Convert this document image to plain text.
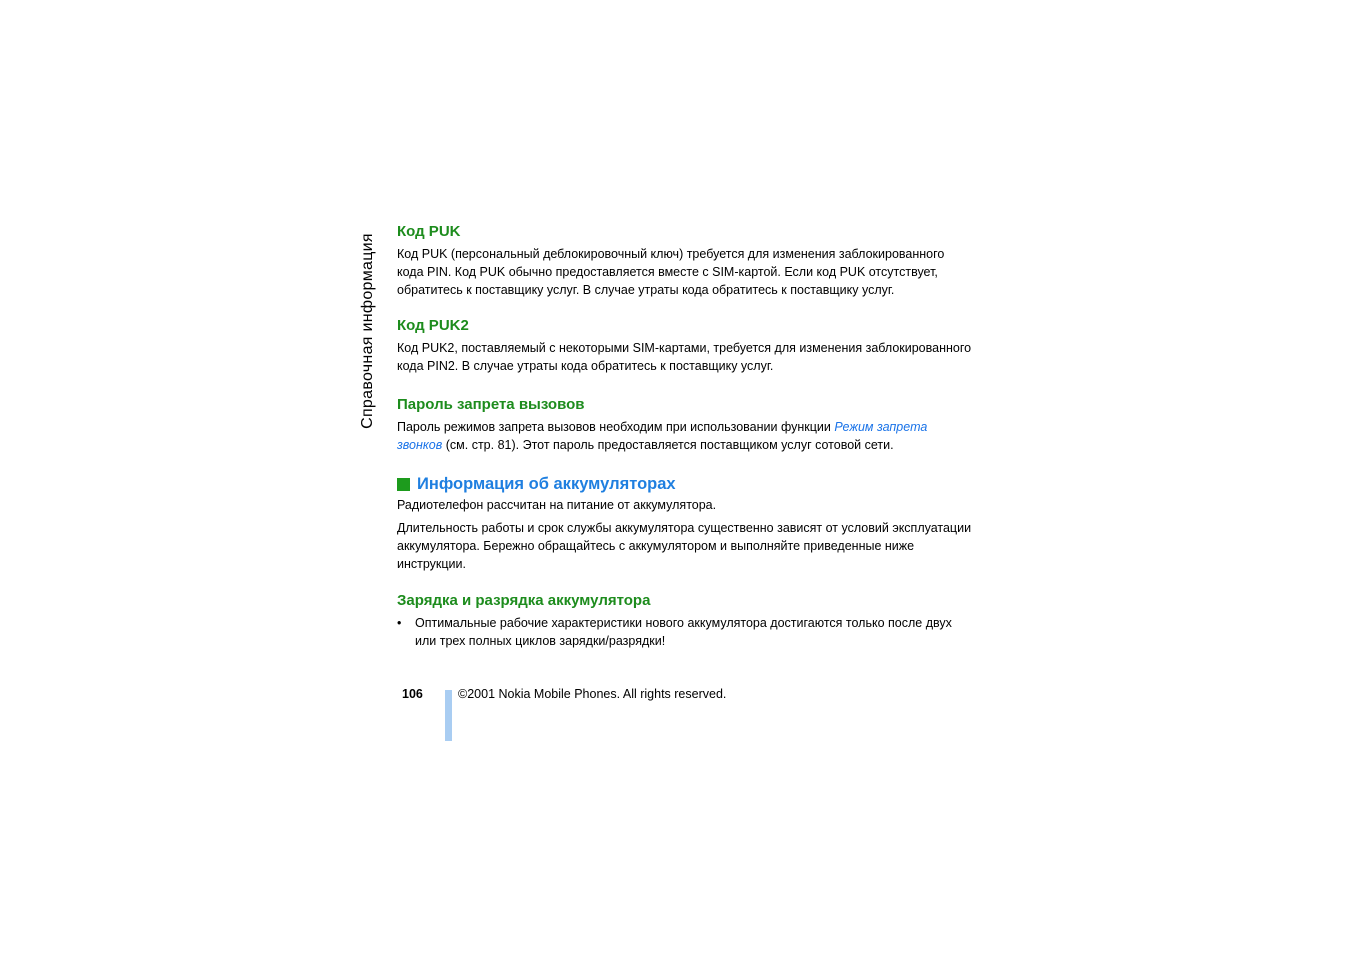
Справочная информация
Код PUK

Код PUK (персональный деблокировочный ключ) требуется для изменения заблокированного кода PIN. Код PUK обычно предоставляется вместе с SIM-картой. Если код PUK отсутствует, обратитесь к поставщику услуг. В случае утраты кода обратитесь к поставщику услуг.

Код PUK2

Код PUK2, поставляемый с некоторыми SIM-картами, требуется для изменения заблокированного кода PIN2. В случае утраты кода обратитесь к поставщику услуг.

Пароль запрета вызовов

Пароль режимов запрета вызовов необходим при использовании функции Режим запрета звонков (см. стр. 81). Этот пароль предоставляется поставщиком услуг сотовой сети.

Информация об аккумуляторах

Радиотелефон рассчитан на питание от аккумулятора.

Длительность работы и срок службы аккумулятора существенно зависят от условий эксплуатации аккумулятора. Бережно обращайтесь с аккумулятором и выполняйте приведенные ниже инструкции.

Зарядка и разрядка аккумулятора
• Оптимальные рабочие характеристики нового аккумулятора достигаются только после двух или трех полных циклов зарядки/разрядки!
106	©2001 Nokia Mobile Phones. All rights reserved.
